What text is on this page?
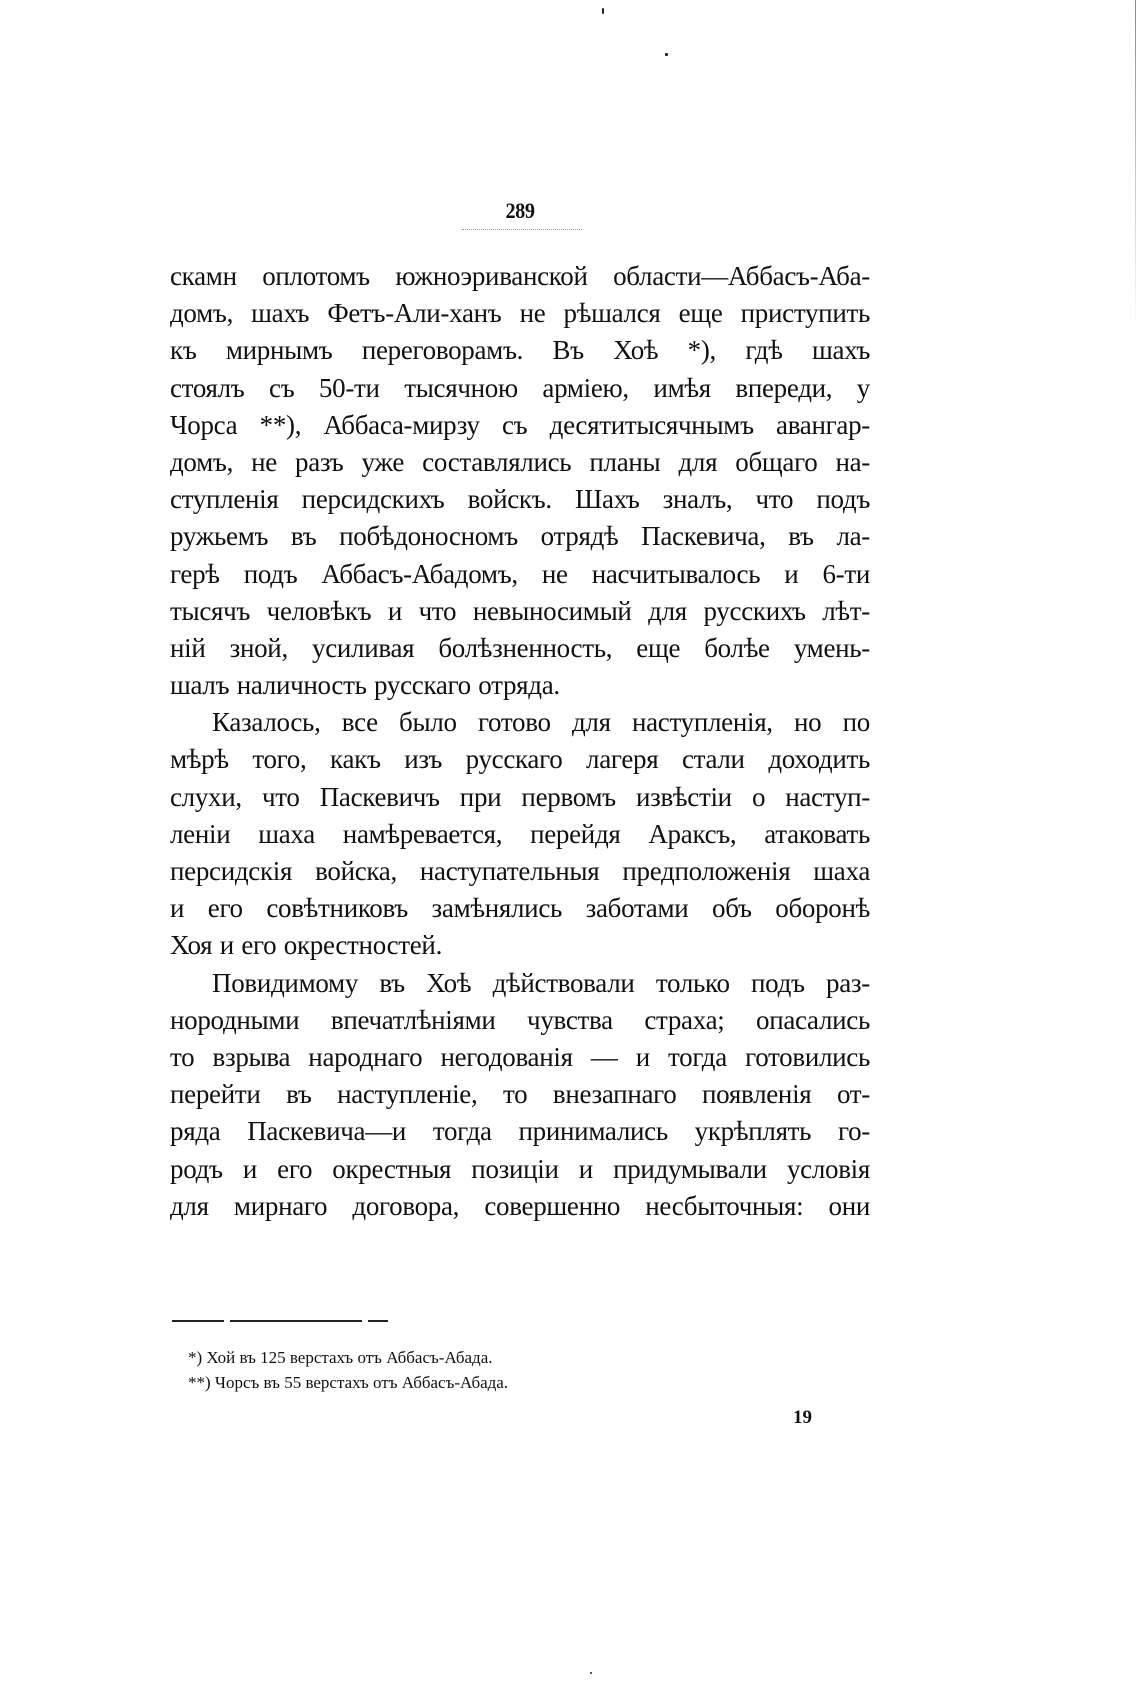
289
скамн оплотомъ южноэриванской области—Аббасъ-Аба-
домъ, шахъ Фетъ-Али-ханъ не рѣшался еще приступить
къ мирнымъ переговорамъ. Въ Хоѣ *), гдѣ шахъ
стоялъ съ 50-ти тысячною арміею, имѣя впереди, у
Чорса **), Аббаса-мирзу съ десятитысячнымъ авангар-
домъ, не разъ уже составлялись планы для общаго на-
ступленія персидскихъ войскъ. Шахъ зналъ, что подъ
ружьемъ въ побѣдоносномъ отрядѣ Паскевича, въ ла-
герѣ подъ Аббасъ-Абадомъ, не насчитывалось и 6-ти
тысячъ человѣкъ и что невыносимый для русскихъ лѣт-
ній зной, усиливая болѣзненность, еще болѣе умень-
шалъ наличность русскаго отряда.
Казалось, все было готово для наступленія, но по
мѣрѣ того, какъ изъ русскаго лагеря стали доходить
слухи, что Паскевичъ при первомъ извѣстіи о наступ-
леніи шаха намѣревается, перейдя Араксъ, атаковать
персидскія войска, наступательныя предположенія шаха
и его совѣтниковъ замѣнялись заботами объ оборонѣ
Хоя и его окрестностей.
Повидимому въ Хоѣ дѣйствовали только подъ раз-
нородными впечатлѣніями чувства страха; опасались
то взрыва народнаго негодованія — и тогда готовились
перейти въ наступленіе, то внезапнаго появленія от-
ряда Паскевича—и тогда принимались укрѣплять го-
родъ и его окрестныя позиціи и придумывали условія
для мирнаго договора, совершенно несбыточныя: они
*) Хой въ 125 верстахъ отъ Аббасъ-Абада.
**) Чорсъ въ 55 верстахъ отъ Аббасъ-Абада.
19
